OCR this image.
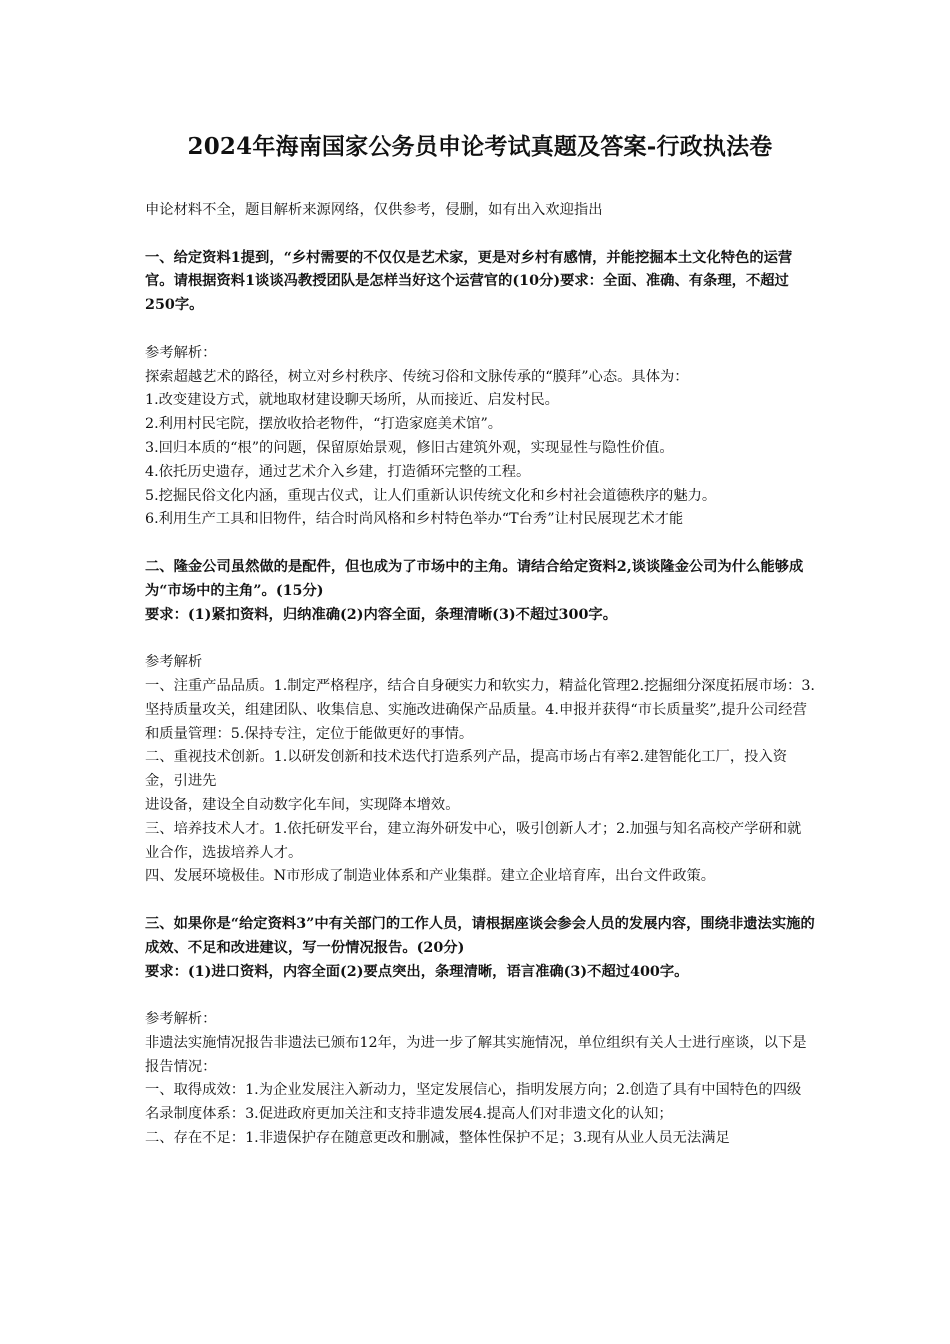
2024年海南国家公务员申论考试真题及答案-行政执法卷

申论材料不全，题目解析来源网络，仅供参考，侵删，如有出入欢迎指出

一、给定资料1提到，“乡村需要的不仅仅是艺术家，更是对乡村有感情，并能挖掘本土文化特色的运营官。请根据资料1谈谈冯教授团队是怎样当好这个运营官的(10分)要求：全面、准确、有条理，不超过250字。

参考解析：

探索超越艺术的路径，树立对乡村秩序、传统习俗和文脉传承的“膜拜”心态。具体为：

1.改变建设方式，就地取材建设聊天场所，从而接近、启发村民。

2.利用村民宅院，摆放收拾老物件，“打造家庭美术馆”。

3.回归本质的“根”的问题，保留原始景观，修旧古建筑外观，实现显性与隐性价值。

4.依托历史遗存，通过艺术介入乡建，打造循环完整的工程。

5.挖掘民俗文化内涵，重现古仪式，让人们重新认识传统文化和乡村社会道德秩序的魅力。

6.利用生产工具和旧物件，结合时尚风格和乡村特色举办“T台秀”让村民展现艺术才能

二、隆金公司虽然做的是配件，但也成为了市场中的主角。请结合给定资料2,谈谈隆金公司为什么能够成为“市场中的主角”。(15分)

要求：(1)紧扣资料，归纳准确(2)内容全面，条理清晰(3)不超过300字。

参考解析

一、注重产品品质。1.制定严格程序，结合自身硬实力和软实力，精益化管理2.挖掘细分深度拓展市场：3.坚持质量攻关，组建团队、收集信息、实施改进确保产品质量。4.申报并获得“市长质量奖”,提升公司经营和质量管理：5.保持专注，定位于能做更好的事情。

二、重视技术创新。1.以研发创新和技术迭代打造系列产品，提高市场占有率2.建智能化工厂，投入资金，引进先

进设备，建设全自动数字化车间，实现降本增效。

三、培养技术人才。1.依托研发平台，建立海外研发中心，吸引创新人才；2.加强与知名高校产学研和就业合作，选拔培养人才。

四、发展环境极佳。N市形成了制造业体系和产业集群。建立企业培育库，出台文件政策。

三、如果你是“给定资料3”中有关部门的工作人员，请根据座谈会参会人员的发展内容，围绕非遗法实施的成效、不足和改进建议，写一份情况报告。(20分)

要求：(1)进口资料，内容全面(2)要点突出，条理清晰，语言准确(3)不超过400字。

参考解析：

非遗法实施情况报告非遗法已颁布12年，为进一步了解其实施情况，单位组织有关人士进行座谈，以下是报告情况：

一、取得成效：1.为企业发展注入新动力，坚定发展信心，指明发展方向；2.创造了具有中国特色的四级名录制度体系：3.促进政府更加关注和支持非遗发展4.提高人们对非遗文化的认知；

二、存在不足：1.非遗保护存在随意更改和删减，整体性保护不足；3.现有从业人员无法满足
